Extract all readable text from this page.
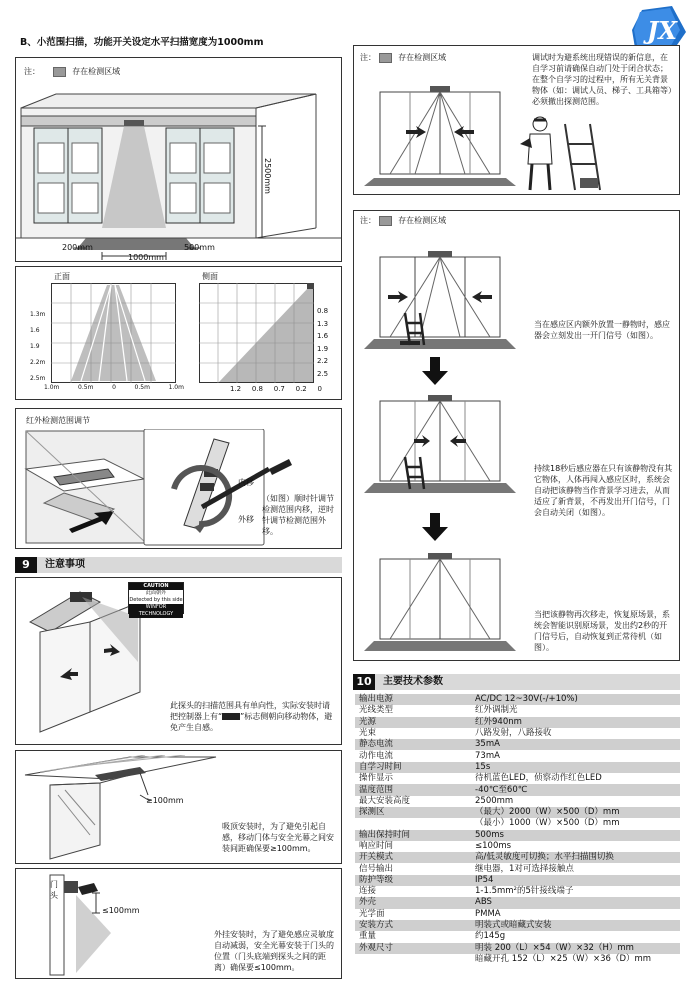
B、小范围扫描，功能开关设定水平扫描宽度为1000mm	JX
注：	存在检测区域
2500mm
200mm	500mm
1000mm
正面	侧面
1.3m
1.6
1.9
2.2m
2.5m
1.0m	0.5m	0	0.5m	1.0m
0.8
1.3
1.6
1.9
2.2
2.5
1.2 0.8 0.7 0.2 0
红外检测范围调节
内移
外移
（如图）顺时针调节检测范围内移，逆时针调节检测范围外移。
9	注意事项
CAUTION
此面朝外
Detected by this side
WINFOR TECHNOLOGY
此探头的扫描范围具有单向性，实际安装时请把控制器上有“ ”标志侧朝向移动物体，避免产生自感。
≥100mm
吸顶安装时，为了避免引起自感，移动门体与安全光幕之间安装间距确保要≥100mm。
门头
≤100mm
外挂安装时，为了避免感应灵敏度自动减弱，安全光幕安装于门头的位置（门头底端到探头之间的距离）确保要≤100mm。
注：	存在检测区域	调试时为避系统出现错误的新信息，在自学习前请确保自动门处于闭合状态；在整个自学习的过程中，所有无关背景物体（如：调试人员、梯子、工具箱等）必须撤出探测范围。
注：	存在检测区域
当在感应区内额外放置一静物时，感应器会立刻发出一开门信号（如图）。
持续18秒后感应器在只有该静物没有其它物体，人体再闯入感应区时，系统会自动把该静物当作背景学习进去，从而适应了新背景，不再发出开门信号，门会自动关闭（如图）。
当把该静物再次移走，恢复原场景，系统会智能识别原场景，发出约2秒的开门信号后，自动恢复到正常待机（如图）。
10	主要技术参数
输出电源	AC/DC 12~30V(-/+10%)
光线类型	红外调制光
光源	红外940nm
光束	八路发射，八路接收
静态电流	35mA
动作电流	73mA
自学习时间	15s
操作显示	待机蓝色LED，侦察动作红色LED
温度范围	-40℃至60℃
最大安装高度	2500mm
探测区	（最大）2000（W）×500（D）mm
	（最小）1000（W）×500（D）mm
输出保持时间	500ms
响应时间	≤100ms
开关模式	高/低灵敏度可切换；水平扫描围切换
信号输出	继电器，1对可选择接触点
防护等级	IP54
连接	1-1.5mm²的5针接线端子
外壳	ABS
光学面	PMMA
安装方式	明装式或暗藏式安装
重量	约145g
外观尺寸	明装 200（L）×54（W）×32（H）mm
	暗藏开孔 152（L）×25（W）×36（D）mm
